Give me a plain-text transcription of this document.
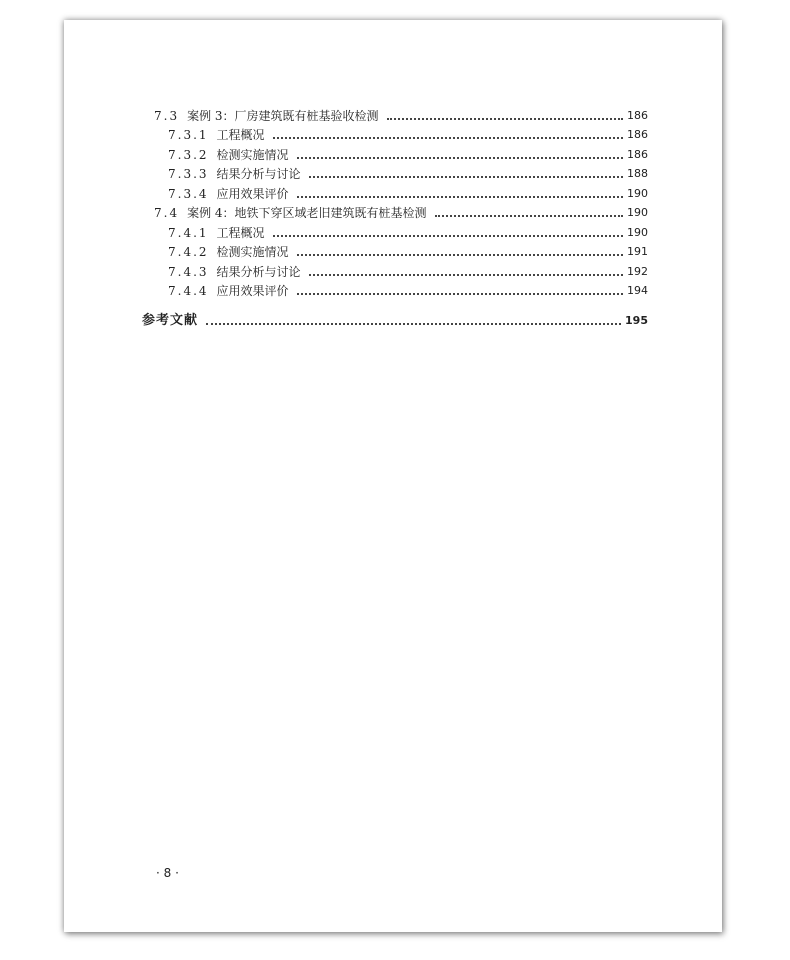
7.3 案例 3：厂房建筑既有桩基验收检测	186
7.3.1 工程概况	186
7.3.2 检测实施情况	186
7.3.3 结果分析与讨论	188
7.3.4 应用效果评价	190
7.4 案例 4：地铁下穿区域老旧建筑既有桩基检测	190
7.4.1 工程概况	190
7.4.2 检测实施情况	191
7.4.3 结果分析与讨论	192
7.4.4 应用效果评价	194
参考文献	195
· 8 ·
